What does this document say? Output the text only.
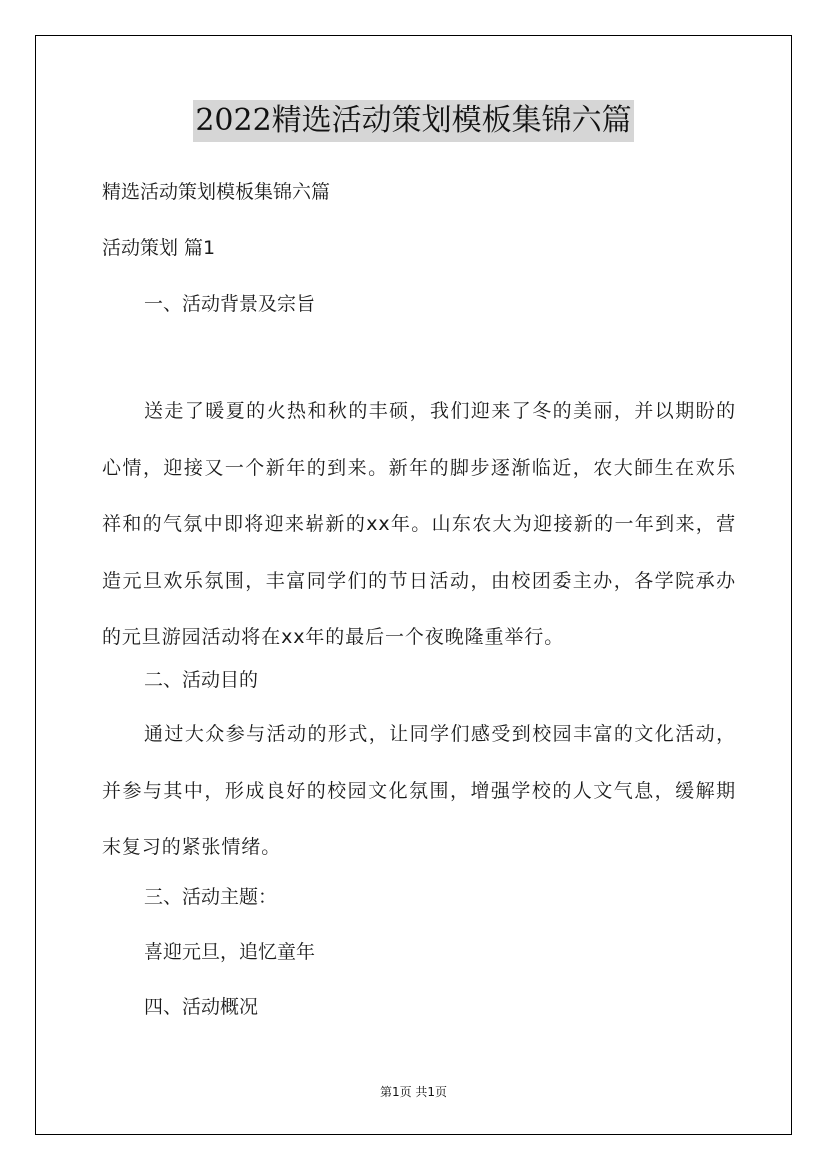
2022精选活动策划模板集锦六篇

精选活动策划模板集锦六篇

活动策划 篇1

一、活动背景及宗旨

送走了暖夏的火热和秋的丰硕，我们迎来了冬的美丽，并以期盼的心情，迎接又一个新年的到来。新年的脚步逐渐临近，农大師生在欢乐祥和的气氛中即将迎来崭新的xx年。山东农大为迎接新的一年到来，营造元旦欢乐氛围，丰富同学们的节日活动，由校团委主办，各学院承办的元旦游园活动将在xx年的最后一个夜晚隆重举行。

二、活动目的

通过大众参与活动的形式，让同学们感受到校园丰富的文化活动，并参与其中，形成良好的校园文化氛围，增强学校的人文气息，缓解期末复习的紧张情绪。

三、活动主题：

喜迎元旦，追忆童年

四、活动概况

第1页 共1页
